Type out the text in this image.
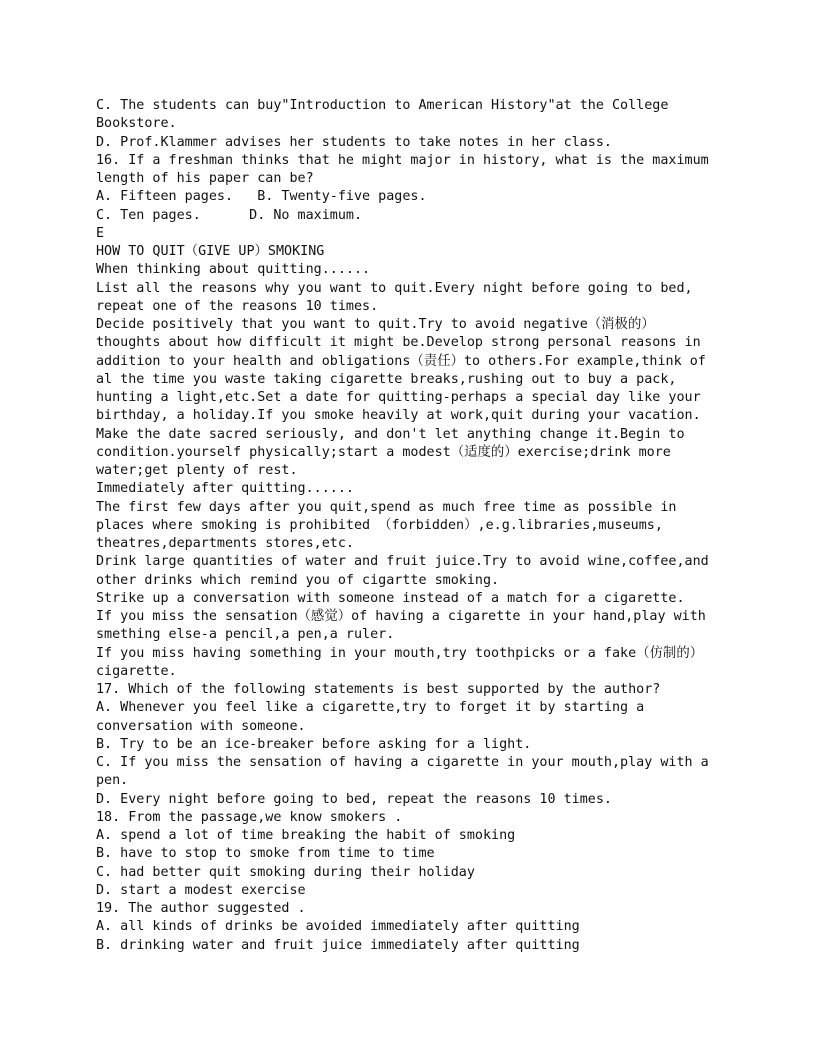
C. The students can buy"Introduction to American History"at the College
Bookstore.
D. Prof.Klammer advises her students to take notes in her class.
16. If a freshman thinks that he might major in history, what is the maximum
length of his paper can be?
A. Fifteen pages.   B. Twenty-five pages.
C. Ten pages.      D. No maximum.
E
HOW TO QUIT（GIVE UP）SMOKING
When thinking about quitting......
List all the reasons why you want to quit.Every night before going to bed,
repeat one of the reasons 10 times.
Decide positively that you want to quit.Try to avoid negative（消极的）
thoughts about how difficult it might be.Develop strong personal reasons in
addition to your health and obligations（责任）to others.For example,think of
al the time you waste taking cigarette breaks,rushing out to buy a pack,
hunting a light,etc.Set a date for quitting-perhaps a special day like your
birthday, a holiday.If you smoke heavily at work,quit during your vacation.
Make the date sacred seriously, and don't let anything change it.Begin to
condition.yourself physically;start a modest（适度的）exercise;drink more
water;get plenty of rest.
Immediately after quitting......
The first few days after you quit,spend as much free time as possible in
places where smoking is prohibited （forbidden）,e.g.libraries,museums,
theatres,departments stores,etc.
Drink large quantities of water and fruit juice.Try to avoid wine,coffee,and
other drinks which remind you of cigartte smoking.
Strike up a conversation with someone instead of a match for a cigarette.
If you miss the sensation（感觉）of having a cigarette in your hand,play with
smething else-a pencil,a pen,a ruler.
If you miss having something in your mouth,try toothpicks or a fake（仿制的）
cigarette.
17. Which of the following statements is best supported by the author?
A. Whenever you feel like a cigarette,try to forget it by starting a
conversation with someone.
B. Try to be an ice-breaker before asking for a light.
C. If you miss the sensation of having a cigarette in your mouth,play with a
pen.
D. Every night before going to bed, repeat the reasons 10 times.
18. From the passage,we know smokers .
A. spend a lot of time breaking the habit of smoking
B. have to stop to smoke from time to time
C. had better quit smoking during their holiday
D. start a modest exercise
19. The author suggested .
A. all kinds of drinks be avoided immediately after quitting
B. drinking water and fruit juice immediately after quitting
